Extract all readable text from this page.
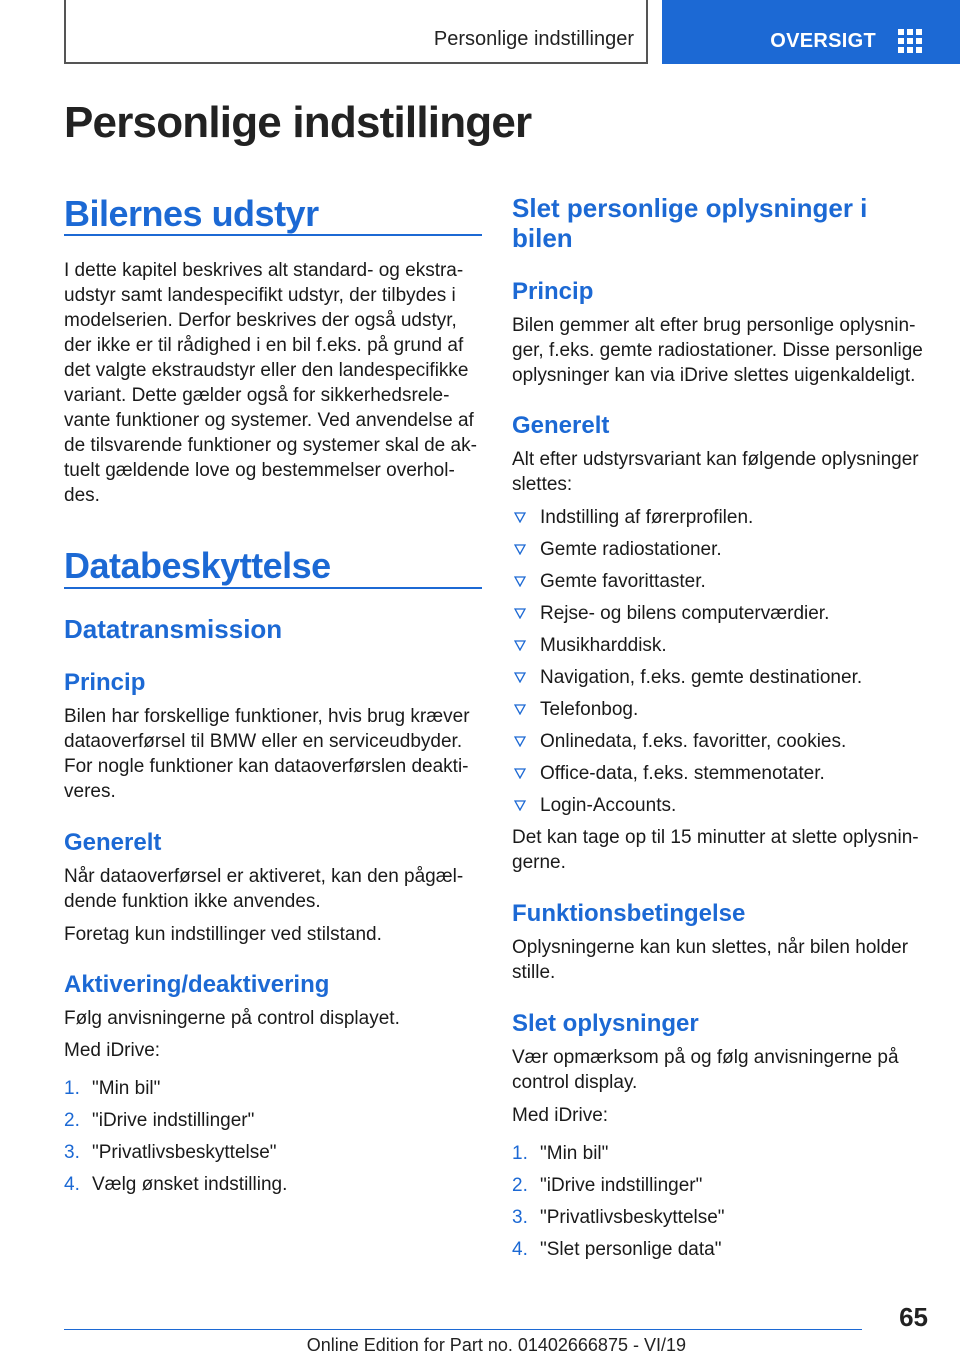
Personlige indstillinger	OVERSIGT
Personlige indstillinger
Bilernes udstyr

I dette kapitel beskrives alt standard- og ekstra-

udstyr samt landespecifikt udstyr, der tilbydes i

modelserien. Derfor beskrives der også udstyr,

der ikke er til rådighed i en bil f.eks. på grund af

det valgte ekstraudstyr eller den landespecifikke

variant. Dette gælder også for sikkerhedsrele-

vante funktioner og systemer. Ved anvendelse af

de tilsvarende funktioner og systemer skal de ak-

tuelt gældende love og bestemmelser overhol-

des.

Databeskyttelse
Datatransmission
Princip

Bilen har forskellige funktioner, hvis brug kræver

dataoverførsel til BMW eller en serviceudbyder.

For nogle funktioner kan dataoverførslen deakti-

veres.

Generelt

Når dataoverførsel er aktiveret, kan den pågæl-

dende funktion ikke anvendes.

Foretag kun indstillinger ved stilstand.

Aktivering/deaktivering

Følg anvisningerne på control displayet.

Med iDrive:

1. "Min bil"
2. "iDrive indstillinger"
3. "Privatlivsbeskyttelse"
4. Vælg ønsket indstilling.
Slet personlige oplysninger i
bilen
Princip

Bilen gemmer alt efter brug personlige oplysnin-

ger, f.eks. gemte radiostationer. Disse personlige

oplysninger kan via iDrive slettes uigenkaldeligt.

Generelt

Alt efter udstyrsvariant kan følgende oplysninger

slettes:

Indstilling af førerprofilen.
Gemte radiostationer.
Gemte favorittaster.
Rejse- og bilens computerværdier.
Musikharddisk.
Navigation, f.eks. gemte destinationer.
Telefonbog.
Onlinedata, f.eks. favoritter, cookies.
Office-data, f.eks. stemmenotater.
Login-Accounts.

Det kan tage op til 15 minutter at slette oplysnin-

gerne.

Funktionsbetingelse

Oplysningerne kan kun slettes, når bilen holder

stille.

Slet oplysninger

Vær opmærksom på og følg anvisningerne på

control display.

Med iDrive:

1. "Min bil"
2. "iDrive indstillinger"
3. "Privatlivsbeskyttelse"
4. "Slet personlige data"
65
Online Edition for Part no. 01402666875 - VI/19
